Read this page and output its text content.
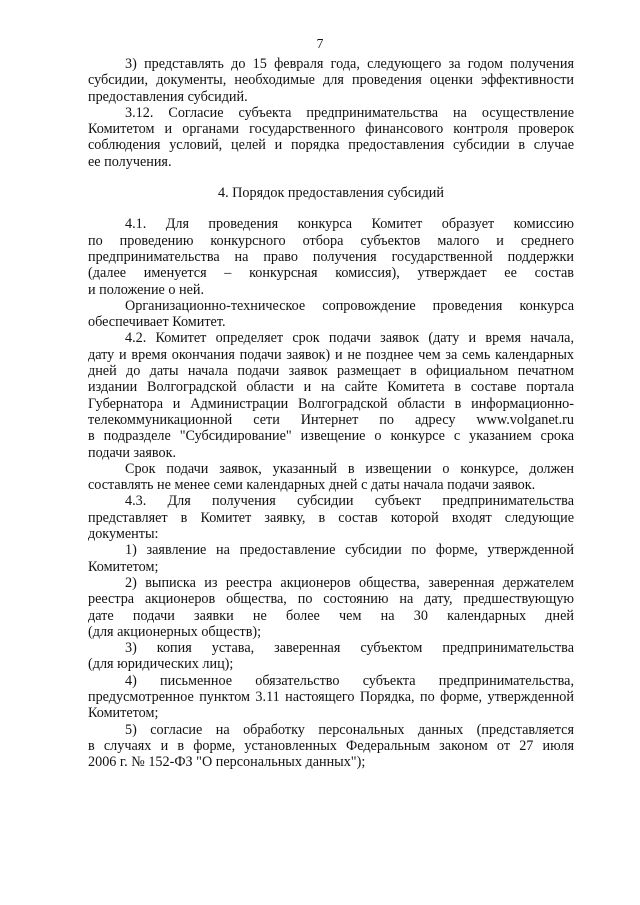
7
3) представлять до 15 февраля года, следующего за годом получения
субсидии, документы, необходимые для проведения оценки эффективности
предоставления субсидий.
3.12. Согласие субъекта предпринимательства на осуществление
Комитетом и органами государственного финансового контроля проверок
соблюдения условий, целей и порядка предоставления субсидии в случае
ее получения.
4. Порядок предоставления субсидий
4.1. Для проведения конкурса Комитет образует комиссию
по проведению конкурсного отбора субъектов малого и среднего
предпринимательства на право получения государственной поддержки
(далее именуется – конкурсная комиссия), утверждает ее состав
и положение о ней.
Организационно-техническое сопровождение проведения конкурса
обеспечивает Комитет.
4.2. Комитет определяет срок подачи заявок (дату и время начала,
дату и время окончания подачи заявок) и не позднее чем за семь календарных
дней до даты начала подачи заявок размещает в официальном печатном
издании Волгоградской области и на сайте Комитета в составе портала
Губернатора и Администрации Волгоградской области в информационно-
телекоммуникационной сети Интернет по адресу www.volganet.ru
в подразделе "Субсидирование" извещение о конкурсе с указанием срока
подачи заявок.
Срок подачи заявок, указанный в извещении о конкурсе, должен
составлять не менее семи календарных дней с даты начала подачи заявок.
4.3. Для получения субсидии субъект предпринимательства
представляет в Комитет заявку, в состав которой входят следующие
документы:
1) заявление на предоставление субсидии по форме, утвержденной
Комитетом;
2) выписка из реестра акционеров общества, заверенная держателем
реестра акционеров общества, по состоянию на дату, предшествующую
дате подачи заявки не более чем на 30 календарных дней
(для акционерных обществ);
3) копия устава, заверенная субъектом предпринимательства
(для юридических лиц);
4) письменное обязательство субъекта предпринимательства,
предусмотренное пунктом 3.11 настоящего Порядка, по форме, утвержденной
Комитетом;
5) согласие на обработку персональных данных (представляется
в случаях и в форме, установленных Федеральным законом от 27 июля
2006 г. № 152-ФЗ "О персональных данных");
